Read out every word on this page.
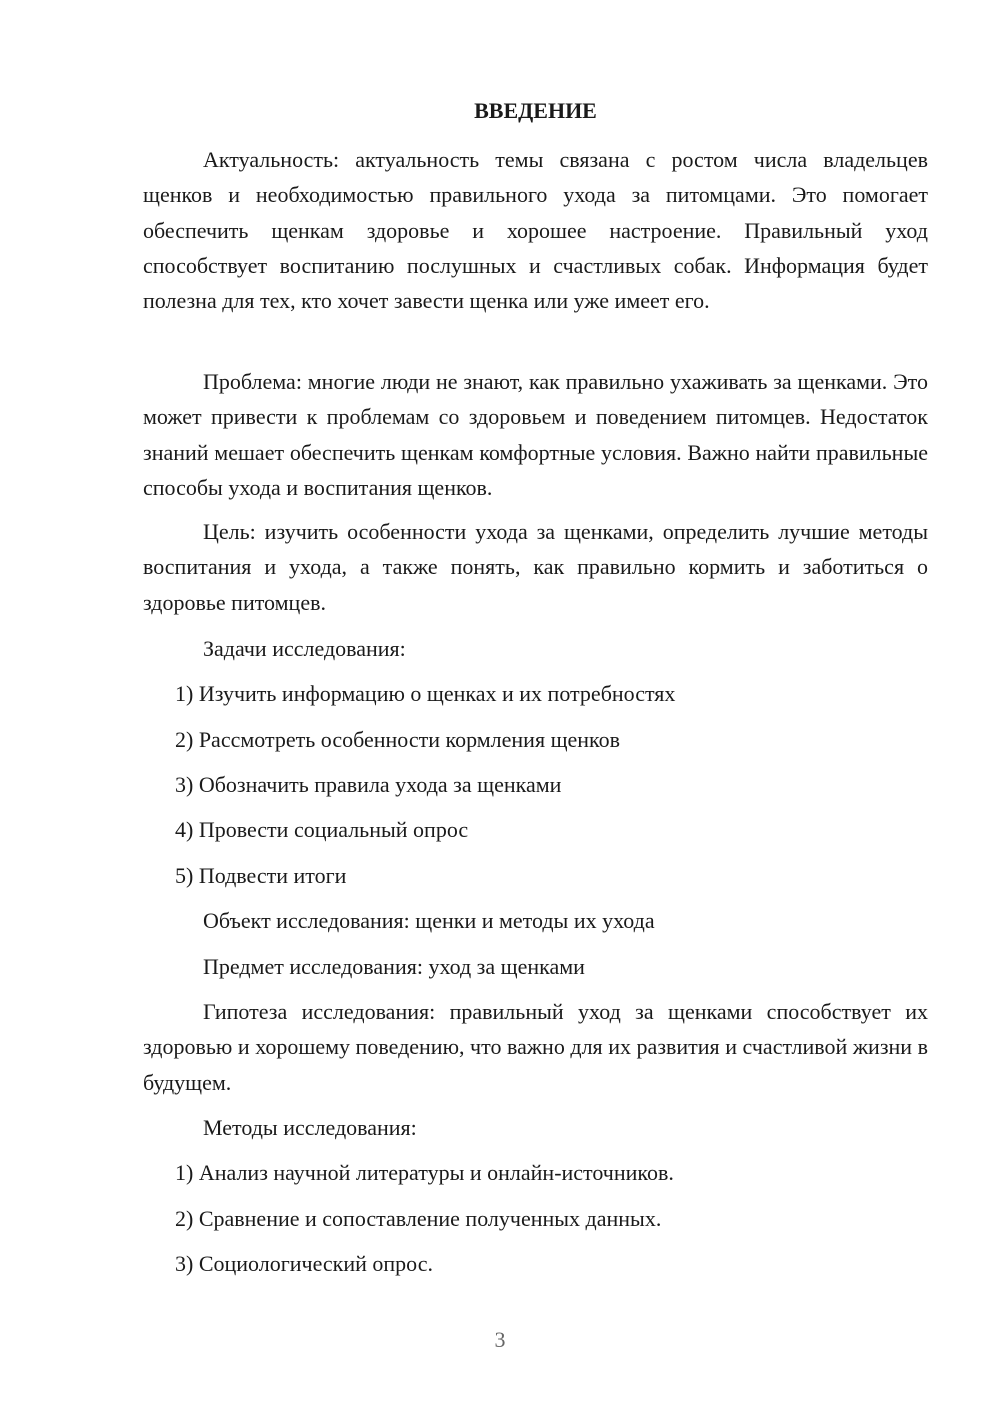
ВВЕДЕНИЕ

Актуальность: актуальность темы связана с ростом числа владельцев щенков и необходимостью правильного ухода за питомцами. Это помогает обеспечить щенкам здоровье и хорошее настроение. Правильный уход способствует воспитанию послушных и счастливых собак. Информация будет полезна для тех, кто хочет завести щенка или уже имеет его.

Проблема: многие люди не знают, как правильно ухаживать за щенками. Это может привести к проблемам со здоровьем и поведением питомцев. Недостаток знаний мешает обеспечить щенкам комфортные условия. Важно найти правильные способы ухода и воспитания щенков.

Цель: изучить особенности ухода за щенками, определить лучшие методы воспитания и ухода, а также понять, как правильно кормить и заботиться о здоровье питомцев.

Задачи исследования:

1) Изучить информацию о щенках и их потребностях

2) Рассмотреть особенности кормления щенков

3) Обозначить правила ухода за щенками

4) Провести социальный опрос

5) Подвести итоги

Объект исследования: щенки и методы их ухода

Предмет исследования: уход за щенками

Гипотеза исследования: правильный уход за щенками способствует их здоровью и хорошему поведению, что важно для их развития и счастливой жизни в будущем.

Методы исследования:

1) Анализ научной литературы и онлайн-источников.

2) Сравнение и сопоставление полученных данных.

3) Социологический опрос.

3
